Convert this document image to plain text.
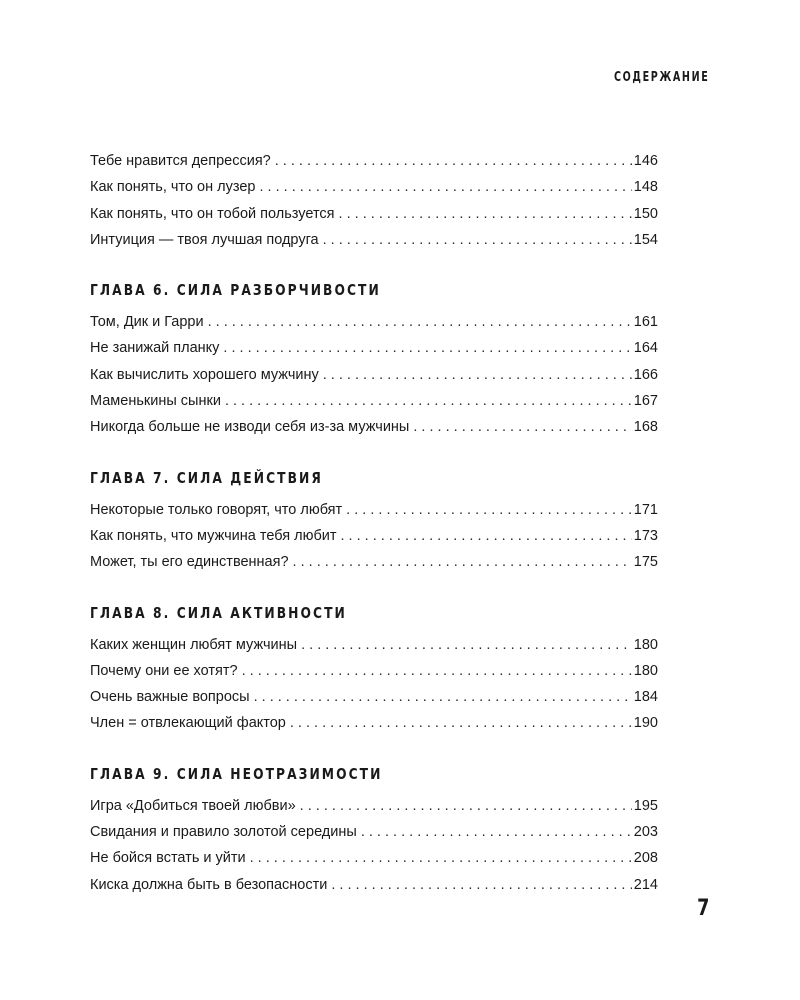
СОДЕРЖАНИЕ
Тебе нравится депрессия? . . .	146
Как понять, что он лузер . . .	148
Как понять, что он тобой пользуется . . .	150
Интуиция — твоя лучшая подруга . . .	154
ГЛАВА 6. СИЛА РАЗБОРЧИВОСТИ
Том, Дик и Гарри . . .	161
Не занижай планку . . .	164
Как вычислить хорошего мужчину . . .	166
Маменькины сынки . . .	167
Никогда больше не изводи себя из-за мужчины . . .	168
ГЛАВА 7. СИЛА ДЕЙСТВИЯ
Некоторые только говорят, что любят . . .	171
Как понять, что мужчина тебя любит . . .	173
Может, ты его единственная? . . .	175
ГЛАВА 8. СИЛА АКТИВНОСТИ
Каких женщин любят мужчины . . .	180
Почему они ее хотят? . . .	180
Очень важные вопросы . . .	184
Член = отвлекающий фактор . . .	190
ГЛАВА 9. СИЛА НЕОТРАЗИМОСТИ
Игра «Добиться твоей любви» . . .	195
Свидания и правило золотой середины . . .	203
Не бойся встать и уйти . . .	208
Киска должна быть в безопасности . . .	214
7
